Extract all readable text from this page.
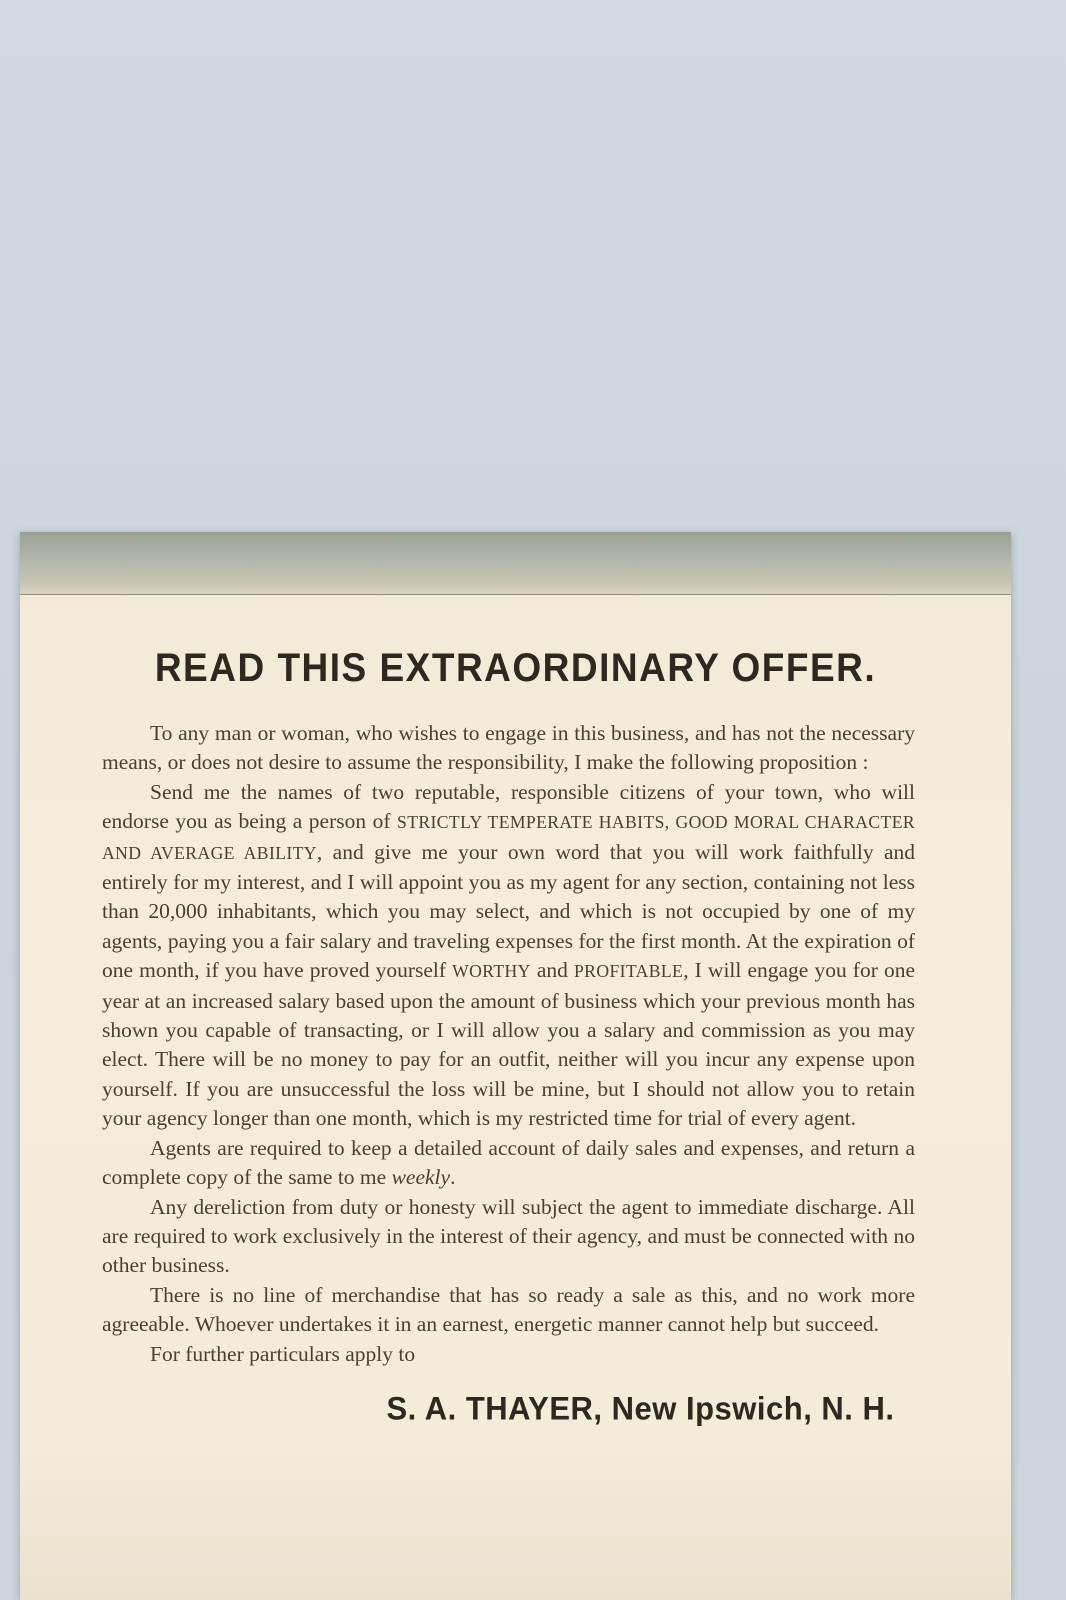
READ THIS EXTRAORDINARY OFFER.

To any man or woman, who wishes to engage in this business, and has not the necessary means, or does not desire to assume the responsibility, I make the following proposition :

Send me the names of two reputable, responsible citizens of your town, who will endorse you as being a person of STRICTLY TEMPERATE HABITS, GOOD MORAL CHARACTER AND AVERAGE ABILITY, and give me your own word that you will work faithfully and entirely for my interest, and I will appoint you as my agent for any section, containing not less than 20,000 inhabitants, which you may select, and which is not occupied by one of my agents, paying you a fair salary and traveling expenses for the first month. At the expiration of one month, if you have proved yourself WORTHY and PROFITABLE, I will engage you for one year at an increased salary based upon the amount of business which your previous month has shown you capable of transacting, or I will allow you a salary and commission as you may elect. There will be no money to pay for an outfit, neither will you incur any expense upon yourself. If you are unsuccessful the loss will be mine, but I should not allow you to retain your agency longer than one month, which is my restricted time for trial of every agent.

Agents are required to keep a detailed account of daily sales and expenses, and return a complete copy of the same to me weekly.

Any dereliction from duty or honesty will subject the agent to immediate discharge. All are required to work exclusively in the interest of their agency, and must be connected with no other business.

There is no line of merchandise that has so ready a sale as this, and no work more agreeable. Whoever undertakes it in an earnest, energetic manner cannot help but succeed.

For further particulars apply to

S. A. THAYER, New Ipswich, N. H.
